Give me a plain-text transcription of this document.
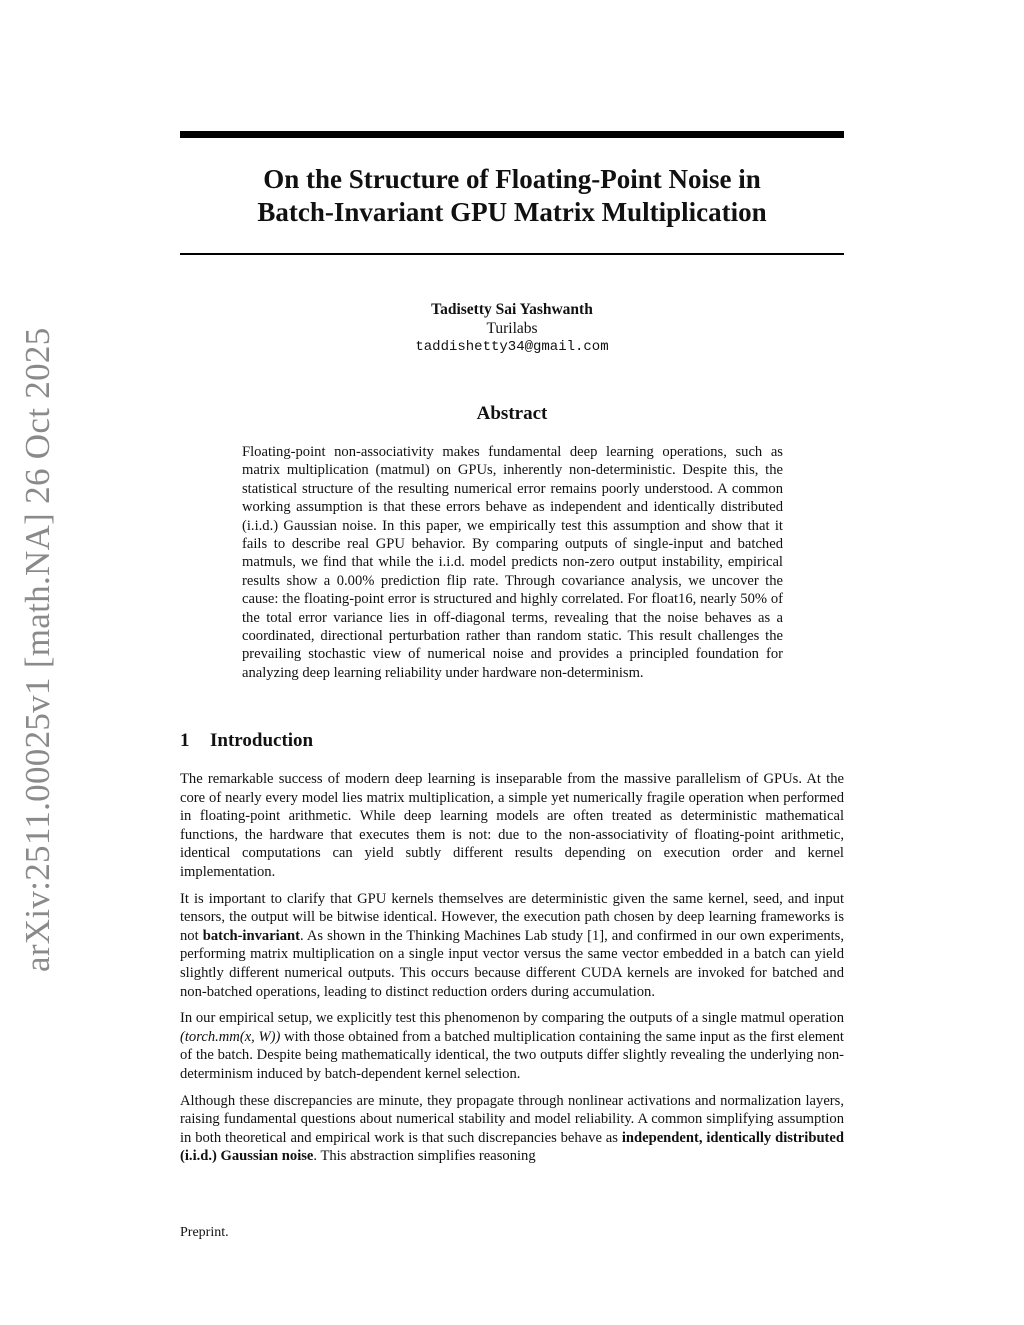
arXiv:2511.00025v1 [math.NA] 26 Oct 2025
On the Structure of Floating-Point Noise in
Batch-Invariant GPU Matrix Multiplication
Tadisetty Sai Yashwanth
Turilabs
taddishetty34@gmail.com
Abstract

Floating-point non-associativity makes fundamental deep learning operations, such as matrix multiplication (matmul) on GPUs, inherently non-deterministic. Despite this, the statistical structure of the resulting numerical error remains poorly understood. A common working assumption is that these errors behave as independent and identically distributed (i.i.d.) Gaussian noise. In this paper, we empirically test this assumption and show that it fails to describe real GPU behavior. By comparing outputs of single-input and batched matmuls, we find that while the i.i.d. model predicts non-zero output instability, empirical results show a 0.00% prediction flip rate. Through covariance analysis, we uncover the cause: the floating-point error is structured and highly correlated. For float16, nearly 50% of the total error variance lies in off-diagonal terms, revealing that the noise behaves as a coordinated, directional perturbation rather than random static. This result challenges the prevailing stochastic view of numerical noise and provides a principled foundation for analyzing deep learning reliability under hardware non-determinism.

1 Introduction

The remarkable success of modern deep learning is inseparable from the massive parallelism of GPUs. At the core of nearly every model lies matrix multiplication, a simple yet numerically fragile operation when performed in floating-point arithmetic. While deep learning models are often treated as deterministic mathematical functions, the hardware that executes them is not: due to the non-associativity of floating-point arithmetic, identical computations can yield subtly different results depending on execution order and kernel implementation.

It is important to clarify that GPU kernels themselves are deterministic given the same kernel, seed, and input tensors, the output will be bitwise identical. However, the execution path chosen by deep learning frameworks is not batch-invariant. As shown in the Thinking Machines Lab study [1], and confirmed in our own experiments, performing matrix multiplication on a single input vector versus the same vector embedded in a batch can yield slightly different numerical outputs. This occurs because different CUDA kernels are invoked for batched and non-batched operations, leading to distinct reduction orders during accumulation.

In our empirical setup, we explicitly test this phenomenon by comparing the outputs of a single matmul operation (torch.mm(x, W)) with those obtained from a batched multiplication containing the same input as the first element of the batch. Despite being mathematically identical, the two outputs differ slightly revealing the underlying non-determinism induced by batch-dependent kernel selection.

Although these discrepancies are minute, they propagate through nonlinear activations and normalization layers, raising fundamental questions about numerical stability and model reliability. A common simplifying assumption in both theoretical and empirical work is that such discrepancies behave as independent, identically distributed (i.i.d.) Gaussian noise. This abstraction simplifies reasoning

Preprint.
